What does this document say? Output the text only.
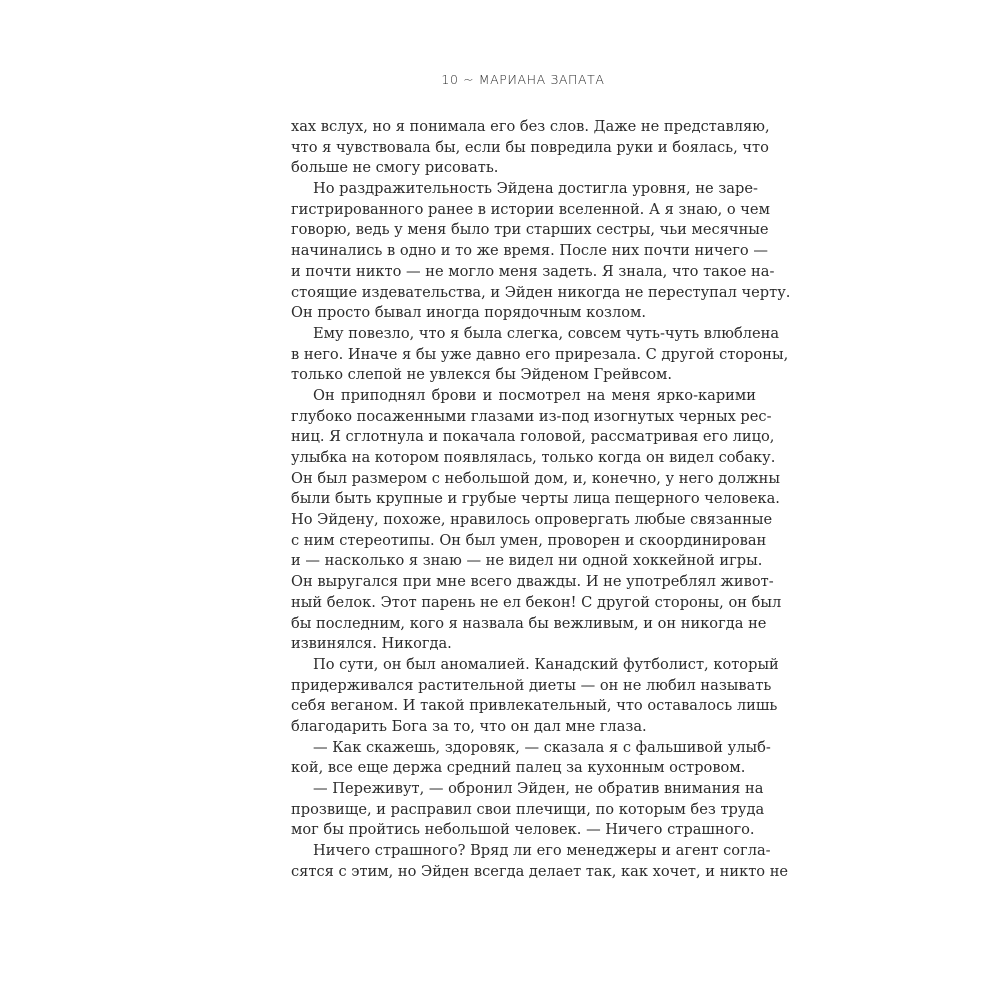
10 ~ МАРИАНА ЗАПАТА
хах вслух, но я понимала его без слов. Даже не представляю,
что я чувствовала бы, если бы повредила руки и боялась, что
больше не смогу рисовать.
Но раздражительность Эйдена достигла уровня, не заре-
гистрированного ранее в истории вселенной. А я знаю, о чем
говорю, ведь у меня было три старших сестры, чьи месячные
начинались в одно и то же время. После них почти ничего —
и почти никто — не могло меня задеть. Я знала, что такое на-
стоящие издевательства, и Эйден никогда не переступал черту.
Он просто бывал иногда порядочным козлом.
Ему повезло, что я была слегка, совсем чуть-чуть влюблена
в него. Иначе я бы уже давно его прирезала. С другой стороны,
только слепой не увлекся бы Эйденом Грейвсом.
Он приподнял брови и посмотрел на меня ярко-карими
глубоко посаженными глазами из-под изогнутых черных рес-
ниц. Я сглотнула и покачала головой, рассматривая его лицо,
улыбка на котором появлялась, только когда он видел собаку.
Он был размером с небольшой дом, и, конечно, у него должны
были быть крупные и грубые черты лица пещерного человека.
Но Эйдену, похоже, нравилось опровергать любые связанные
с ним стереотипы. Он был умен, проворен и скоординирован
и — насколько я знаю — не видел ни одной хоккейной игры.
Он выругался при мне всего дважды. И не употреблял живот-
ный белок. Этот парень не ел бекон! С другой стороны, он был
бы последним, кого я назвала бы вежливым, и он никогда не
извинялся. Никогда.
По сути, он был аномалией. Канадский футболист, который
придерживался растительной диеты — он не любил называть
себя веганом. И такой привлекательный, что оставалось лишь
благодарить Бога за то, что он дал мне глаза.
— Как скажешь, здоровяк, — сказала я с фальшивой улыб-
кой, все еще держа средний палец за кухонным островом.
— Переживут, — обронил Эйден, не обратив внимания на
прозвище, и расправил свои плечищи, по которым без труда
мог бы пройтись небольшой человек. — Ничего страшного.
Ничего страшного? Вряд ли его менеджеры и агент согла-
сятся с этим, но Эйден всегда делает так, как хочет, и никто не
